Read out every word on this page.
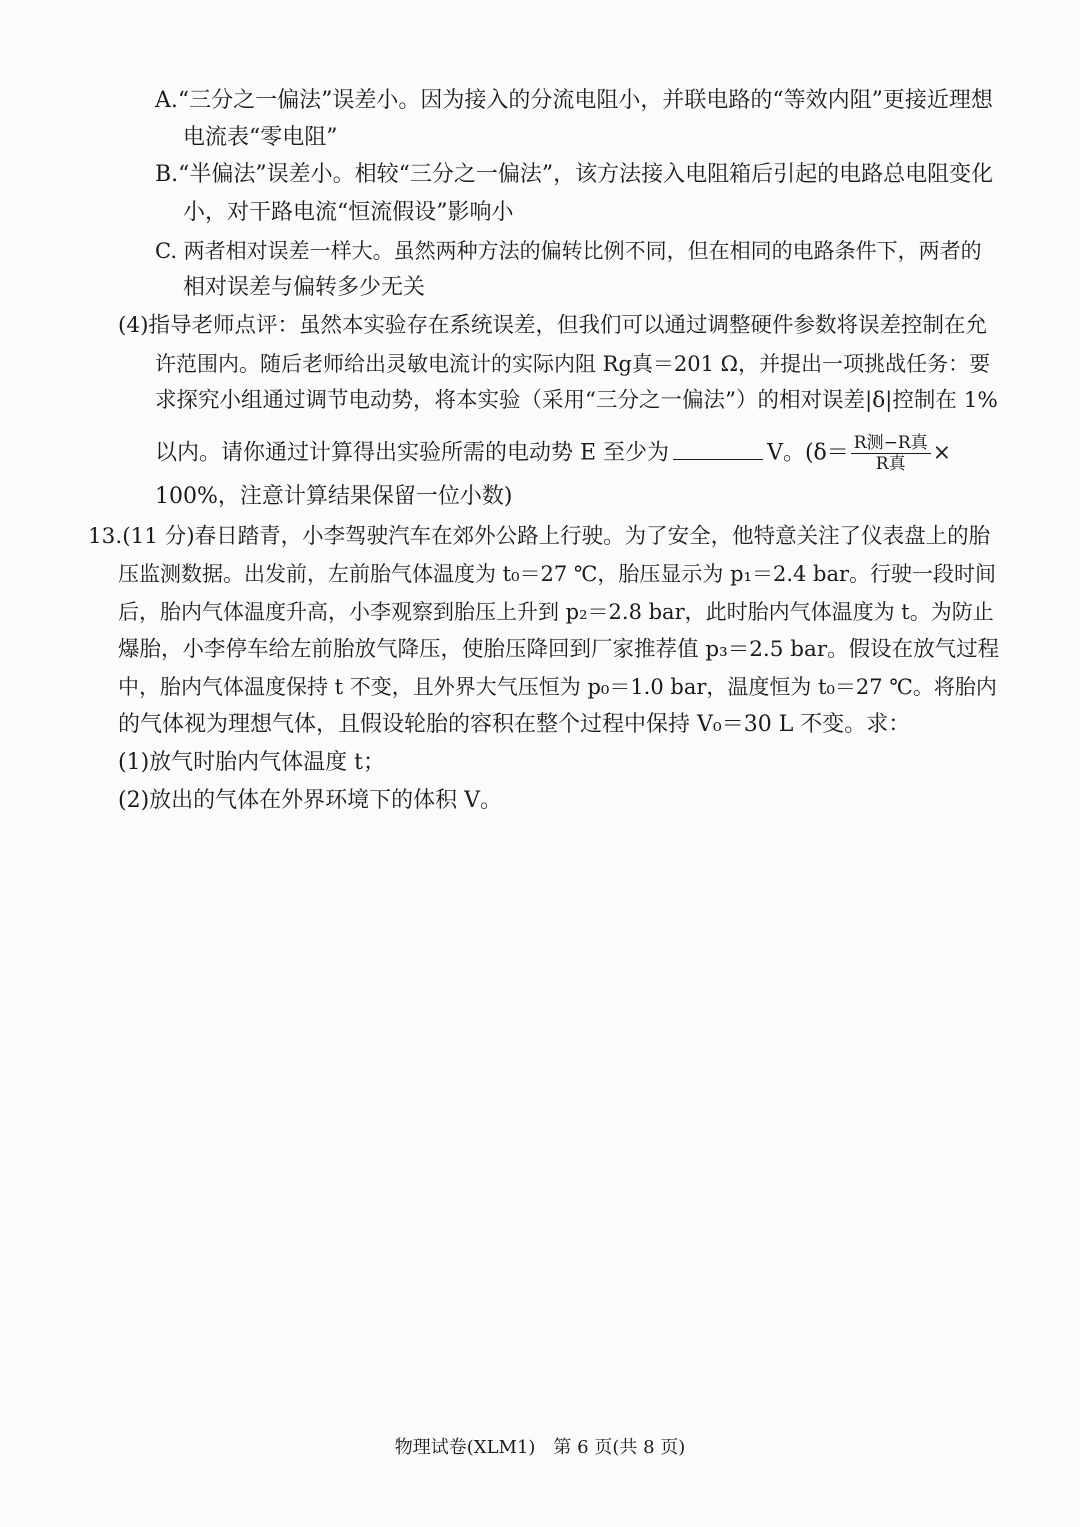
A.“三分之一偏法”误差小。因为接入的分流电阻小，并联电路的“等效内阻”更接近理想
电流表“零电阻”
B.“半偏法”误差小。相较“三分之一偏法”，该方法接入电阻箱后引起的电路总电阻变化
小，对干路电流“恒流假设”影响小
C. 两者相对误差一样大。虽然两种方法的偏转比例不同，但在相同的电路条件下，两者的
相对误差与偏转多少无关
(4)指导老师点评：虽然本实验存在系统误差，但我们可以通过调整硬件参数将误差控制在允
许范围内。随后老师给出灵敏电流计的实际内阻 Rg真＝201 Ω，并提出一项挑战任务：要
求探究小组通过调节电动势，将本实验（采用“三分之一偏法”）的相对误差|δ|控制在 1%
以内。请你通过计算得出实验所需的电动势 E 至少为	V。($\delta= \frac{\text{R测−R真}}{\text{R真}}$ ×
100%，注意计算结果保留一位小数)
13.(11 分)春日踏青，小李驾驶汽车在郊外公路上行驶。为了安全，他特意关注了仪表盘上的胎
压监测数据。出发前，左前胎气体温度为 t₀＝27 ℃，胎压显示为 p₁＝2.4 bar。行驶一段时间
后，胎内气体温度升高，小李观察到胎压上升到 p₂＝2.8 bar，此时胎内气体温度为 t。为防止
爆胎，小李停车给左前胎放气降压，使胎压降回到厂家推荐值 p₃＝2.5 bar。假设在放气过程
中，胎内气体温度保持 t 不变，且外界大气压恒为 p₀＝1.0 bar，温度恒为 t₀＝27 ℃。将胎内
的气体视为理想气体，且假设轮胎的容积在整个过程中保持 V₀＝30 L 不变。求：
(1)放气时胎内气体温度 t；
(2)放出的气体在外界环境下的体积 V。
物理试卷(XLM1)　第 6 页(共 8 页)
